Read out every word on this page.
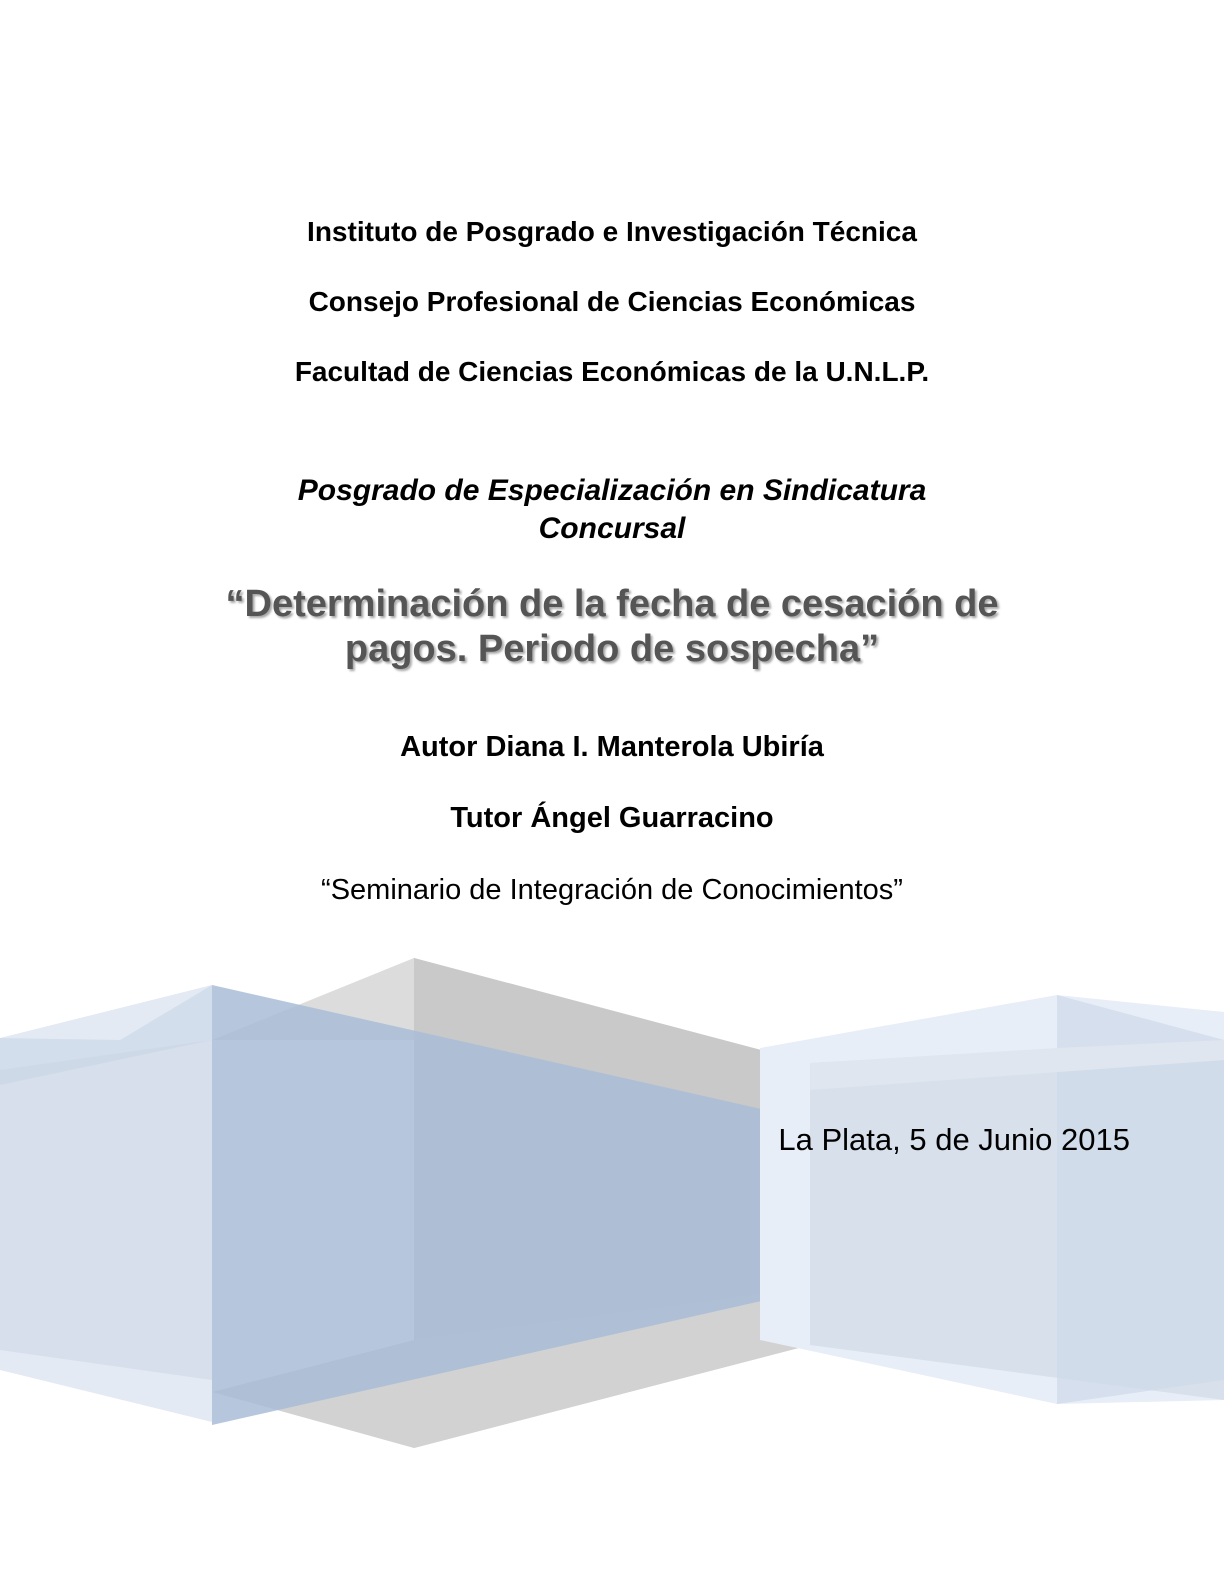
Instituto de Posgrado e Investigación Técnica

Consejo Profesional de Ciencias Económicas

Facultad de Ciencias Económicas de la U.N.L.P.

Posgrado de Especialización en Sindicatura
Concursal
“Determinación de la fecha de cesación de
pagos. Periodo de sospecha”

Autor Diana I. Manterola Ubiría

Tutor Ángel Guarracino

“Seminario de Integración de Conocimientos”

La Plata, 5 de Junio 2015
